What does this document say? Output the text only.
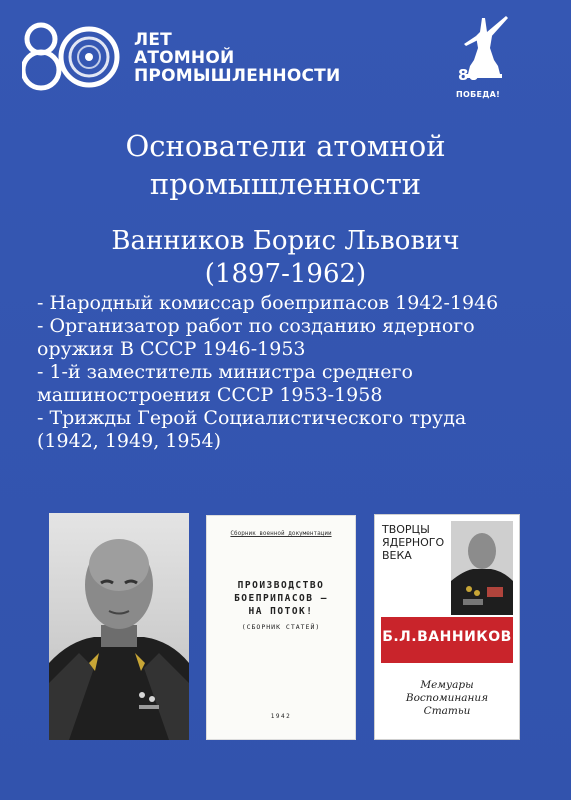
ЛЕТ
АТОМНОЙ
ПРОМЫШЛЕННОСТИ	80
ПОБЕДА!
Основатели атомной
промышленности
Ванников Борис Львович
(1897-1962)
- Народный комиссар боеприпасов 1942-1946
- Организатор работ по созданию ядерного
оружия В СССР 1946-1953
- 1-й заместитель министра среднего
машиностроения СССР 1953-1958
- Трижды Герой Социалистического труда
(1942, 1949, 1954)
Сборник военной документации
ПРОИЗВОДСТВО
БОЕПРИПАСОВ —
НА ПОТОК!
(СБОРНИК СТАТЕЙ)
1942
ТВОРЦЫ
ЯДЕРНОГО
ВЕКА
Б.Л.ВАННИКОВ
Мемуары
Воспоминания
Статьи
